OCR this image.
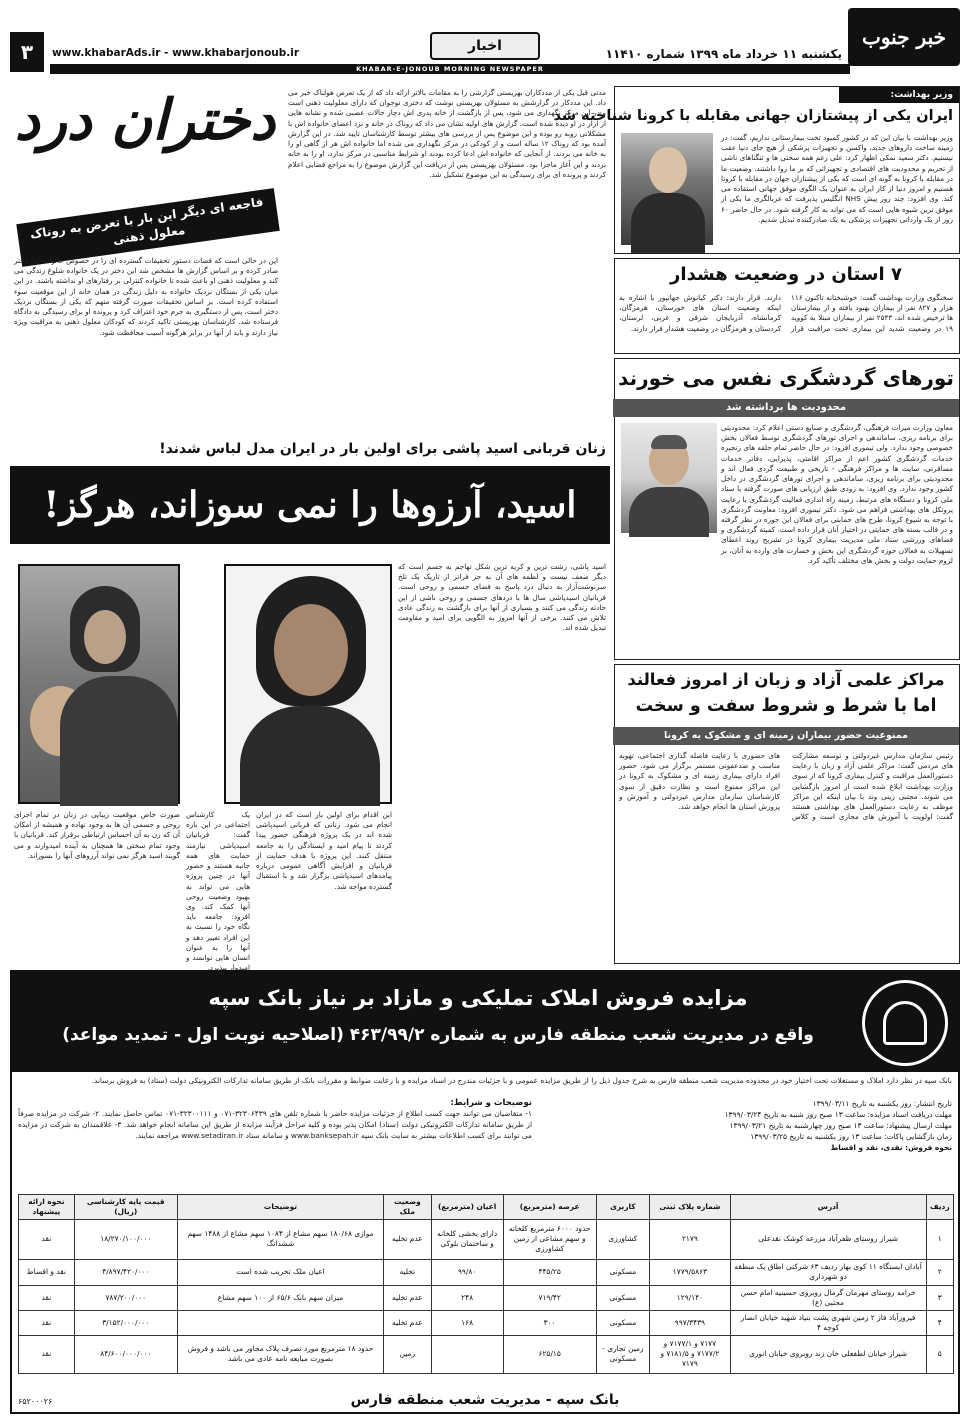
خبر جنوب
یکشنبه ۱۱ خرداد ماه ۱۳۹۹ شماره ۱۱۴۱۰
اخبار
www.khabarAds.ir - www.khabarjonoub.ir
۳
KHABAR-E-JONOUB MORNING NEWSPAPER
وزیر بهداشت:
ایران یکی از پیشتازان جهانی مقابله با کرونا شناخته شد
وزیر بهداشت با بیان این که در کشور کمبود تخت بیمارستانی نداریم، گفت: در زمینه ساخت داروهای جدید، واکسن و تجهیزات پزشکی از هیچ جای دنیا عقب نیستیم. دکتر سعید نمکی اظهار کرد: علی رغم همه سختی ها و تنگناهای ناشی از تحریم و محدودیت های اقتصادی و تجهیزاتی که بر ما روا داشتند، وضعیت ما در مقابله با کرونا به گونه ای است که یکی از پیشتازان جهان در مقابله با کرونا هستیم و امروز دنیا از کار ایران به عنوان یک الگوی موفق جهانی استفاده می کند. وی افزود: چند روز پیش NHS انگلیس پذیرفت که غربالگری ما یکی از موفق ترین شیوه هایی است که می تواند به کار گرفته شود. در حال حاضر ۶۰ روز از یک وارداتی تجهیزات پزشکی به یک صادرکننده تبدیل شدیم.
۷ استان در وضعیت هشدار
سخنگوی وزارت بهداشت گفت: خوشبختانه تاکنون ۱۱۶ هزار و ۸۲۷ نفر از بیماران بهبود یافته و از بیمارستان ها ترخیص شده اند، ۲۵۴۳ نفر از بیماران مبتلا به کووید ۱۹ در وضعیت شدید این بیماری تحت مراقبت قرار دارند. قرار دارند: دکتر کیانوش جهانپور با اشاره به اینکه وضعیت استان های خوزستان، هرمزگان، کرمانشاه، آذربایجان شرقی و غربی، لرستان، کردستان و هرمزگان در وضعیت هشدار قرار دارند.
تورهای گردشگری نفس می خورند
محدودیت ها برداشته شد
معاون وزارت میراث فرهنگی، گردشگری و صنایع دستی اعلام کرد: محدودیتی برای برنامه ریزی، ساماندهی و اجرای تورهای گردشگری توسط فعالان بخش خصوصی وجود ندارد. ولی تیموری افزود: در حال حاضر تمام حلقه های زنجیره خدمات گردشگری کشور اعم از مراکز اقامتی، پذیرایی، دفاتر خدمات مسافرتی، سایت ها و مراکز فرهنگی - تاریخی و طبیعت گردی فعال اند و محدودیتی برای برنامه ریزی، ساماندهی و اجرای تورهای گردشگری در داخل کشور وجود ندارد. وی افزود: به زودی طبق ارزیابی های صورت گرفته با ستاد ملی کرونا و دستگاه های مرتبط، زمینه راه اندازی فعالیت گردشگری با رعایت پروتکل های بهداشتی فراهم می شود. دکتر تیموری افزود: معاونت گردشگری با توجه به شیوع کرونا، طرح های حمایتی برای فعالان این حوزه در نظر گرفته و در قالب بسته های حمایتی در اختیار آنان قرار داده است. کمیته گردشگری و فضاهای ورزشی ستاد ملی مدیریت بیماری کرونا در تشریح روند اعطای تسهیلات به فعالان حوزه گردشگری این بخش و خسارت های وارده به آنان، بر لزوم حمایت دولت و بخش های مختلف تأکید کرد.
مراکز علمی آزاد و زبان از امروز فعالند
اما با شرط و شروط سفت و سخت
ممنوعیت حضور بیماران زمینه ای و مشکوک به کرونا
رئیس سازمان مدارس غیردولتی و توسعه مشارکت های مردمی گفت: مراکز علمی آزاد و زبان با رعایت دستورالعمل مراقبت و کنترل بیماری کرونا که از سوی وزارت بهداشت ابلاغ شده است از امروز بازگشایی می شوند. مجتبی زینی وند با بیان اینکه این مراکز موظف به رعایت دستورالعمل های بهداشتی هستند گفت: اولویت با آموزش های مجازی است و کلاس های حضوری با رعایت فاصله گذاری اجتماعی، تهویه مناسب و ضدعفونی مستمر برگزار می شود. حضور افراد دارای بیماری زمینه ای و مشکوک به کرونا در این مراکز ممنوع است و نظارت دقیق از سوی کارشناسان سازمان مدارس غیردولتی و آموزش و پرورش استان ها انجام خواهد شد.
دختران درد
فاجعه ای دیگر این بار با تعرض به روناک معلول ذهنی
این در حالی است که قضات دستور تحقیقات گسترده ای را در خصوص خانواده این دختر صادر کرده و بر اساس گزارش ها مشخص شد این دختر در یک خانواده شلوغ زندگی می کند و معلولیت ذهنی او باعث شده تا خانواده کنترلی بر رفتارهای او نداشته باشند. در این میان یکی از بستگان نزدیک خانواده به دلیل زندگی در همان خانه از این موقعیت سوء استفاده کرده است. بر اساس تحقیقات صورت گرفته متهم که یکی از بستگان نزدیک دختر است، پس از دستگیری به جرم خود اعتراف کرد و پرونده او برای رسیدگی به دادگاه فرستاده شد. کارشناسان بهزیستی تاکید کردند که کودکان معلول ذهنی به مراقبت ویژه نیاز دارند و باید از آنها در برابر هرگونه آسیب محافظت شود.
مدتی قبل یکی از مددکاران بهزیستی گزارشی را به مقامات بالاتر ارائه داد که از یک تعرض هولناک خبر می داد. این مددکار در گزارشش به مسئولان بهزیستی نوشت که دختری نوجوان که دارای معلولیت ذهنی است و در این مرکز نگهداری می شود، پس از بازگشت از خانه پدری اش دچار حالات عصبی شده و نشانه هایی از آزار در او دیده شده است. گزارش های اولیه نشان می داد که روناک در خانه و نزد اعضای خانواده اش با مشکلاتی روبه رو بوده و این موضوع پس از بررسی های بیشتر توسط کارشناسان تایید شد. در این گزارش آمده بود که روناک ۱۲ ساله است و از کودکی در مرکز نگهداری می شده اما خانواده اش هر از گاهی او را به خانه می بردند. از آنجایی که خانواده اش ادعا کرده بودند او شرایط مناسبی در مرکز ندارد، او را به خانه بردند و این آغاز ماجرا بود. مسئولان بهزیستی پس از دریافت این گزارش موضوع را به مراجع قضایی اعلام کردند و پرونده ای برای رسیدگی به این موضوع تشکیل شد.
زنان قربانی اسید پاشی برای اولین بار در ایران مدل لباس شدند!
اسید، آرزوها را نمی سوزاند، هرگز!
اسید پاشی، زشت ترین و کریه ترین شکل تهاجم به جسم است که دیگر ضعف نیست و لطمه های آن به جز فراتر از تاریک یک تلخ سرنوشت‌آزار به دنبال درد پاسخ به فضای جسمی و روحی است. قربانیان اسیدپاشی سال ها با دردهای جسمی و روحی ناشی از این حادثه زندگی می کنند و بسیاری از آنها برای بازگشت به زندگی عادی تلاش می کنند. برخی از آنها امروز به الگویی برای امید و مقاومت تبدیل شده اند.
این اقدام برای اولین بار است که در ایران انجام می شود. زنانی که قربانی اسیدپاشی شده اند در یک پروژه فرهنگی حضور پیدا کردند تا پیام امید و ایستادگی را به جامعه منتقل کنند. این پروژه با هدف حمایت از قربانیان و افزایش آگاهی عمومی درباره پیامدهای اسیدپاشی برگزار شد و با استقبال گسترده مواجه شد.
یک کارشناس اجتماعی در این باره گفت: قربانیان اسیدپاشی نیازمند حمایت های همه جانبه هستند و حضور آنها در چنین پروژه هایی می تواند به بهبود وضعیت روحی آنها کمک کند. وی افزود: جامعه باید نگاه خود را نسبت به این افراد تغییر دهد و آنها را به عنوان انسان هایی توانمند و امیدوار بپذیرد.
صورت خاص موقعیت زیبایی در زنان در تمام اجزای روحی و جسمی آن ها به وجود نهاده و همیشه از امکان آن که زن به آن احساس ارتباطی برقرار کند. قربانیان با وجود تمام سختی ها همچنان به آینده امیدوارند و می گویند اسید هرگز نمی تواند آرزوهای آنها را بسوزاند.
مزایده فروش املاک تملیکی و مازاد بر نیاز بانک سپه
واقع در مدیریت شعب منطقه فارس به شماره ۴۶۳/۹۹/۲ (اصلاحیه نوبت اول - تمدید مواعد)
بانک سپه در نظر دارد املاک و مستغلات تحت اختیار خود در محدوده مدیریت شعب منطقه فارس به شرح جدول ذیل را از طریق مزایده عمومی و با جزئیات مندرج در اسناد مزایده و با رعایت ضوابط و مقررات بانک از طریق سامانه تدارکات الکترونیکی دولت (ستاد) به فروش برساند.
تاریخ انتشار: روز یکشنبه به تاریخ ۱۳۹۹/۰۳/۱۱
مهلت دریافت اسناد مزایده: ساعت ۱۳ صبح روز شنبه به تاریخ ۱۳۹۹/۰۳/۲۴
مهلت ارسال پیشنهاد: ساعت ۱۳ صبح روز چهارشنبه به تاریخ ۱۳۹۹/۰۳/۲۱
زمان بازگشایی پاکات: ساعت ۱۳ روز یکشنبه به تاریخ ۱۳۹۹/۰۳/۲۵
نحوه فروش: نقدی، نقد و اقساط
توضیحات و شرایط:
۱- متقاضیان می توانند جهت کسب اطلاع از جزئیات مزایده حاضر با شماره تلفن های ۳۲۳۰۶۴۳۹-۰۷۱ و ۳۲۳۰۰۱۱۱-۰۷۱ تماس حاصل نمایند. ۲- شرکت در مزایده صرفاً از طریق سامانه تدارکات الکترونیکی دولت (ستاد) امکان پذیر بوده و کلیه مراحل فرآیند مزایده از طریق این سامانه انجام خواهد شد. ۳- علاقمندان به شرکت در مزایده می توانند برای کسب اطلاعات بیشتر به سایت بانک سپه www.banksepah.ir و سامانه ستاد www.setadiran.ir مراجعه نمایند.
ردیف	آدرس	شماره پلاک ثبتی	کاربری	عرصه (مترمربع)	اعیان (مترمربع)	وضعیت ملک	توضیحات	قیمت پایه کارشناسی (ریال)	نحوه ارائه پیشنهاد
۱	شیراز روستای ظفرآباد مزرعه کوشک نقدعلی	۲۱۷۹	کشاورزی	حدود ۶۰۰۰ مترمربع کلخانه و سهم مشاعی از زمین کشاورزی	دارای بخشی کلخانه و ساختمان بلوکی	عدم تخلیه	موازی ۱۸۰/۶۸ سهم مشاع از ۱۰۸۴ سهم مشاع از ۱۴۸۸ سهم ششدانگ	۱۸/۲۷۰/۱۰۰/۰۰۰	نقد
۲	آبادان ایستگاه ۱۱ کوی بهار ردیف ۶۳ شرکتی اطاق یک منطقه دو شهرداری	۱۷۷۹/۵۸۶۳	مسکونی	۴۴۵/۲۵	۹۹/۸۰	تخلیه	اعیان ملک تخریب شده است	۴/۸۹۷/۴۲۰/۰۰۰	نقد و اقساط
۳	خرامه روستای مهرمان گرمال روبروی حسینیه امام حسن مجتبی (ع)	۱۲۹/۱۴۰	مسکونی	۷۱۹/۴۲	۲۴۸	عدم تخلیه	میزان سهم بانک ۶۵/۶ از ۱۰۰ سهم مشاع	۷۸۷/۲۰۰/۰۰۰	نقد
۴	فیروزآباد فاز ۲ زمین شهری پشت بنیاد شهید خیابان انصار کوچه ۴	۹۹۷/۳۴۳۹	مسکونی	۳۰۰	۱۶۸	عدم تخلیه		۳/۱۵۲/۰۰۰/۰۰۰	نقد
۵	شیراز خیابان لطفعلی خان زند روبروی خیابان انوری	۷۱۷۷ و ۷۱۷۷/۱ و ۷۱۷۷/۲ و ۷۱۸۱/۵ و ۷۱۷۹	زمین تجاری - مسکونی	۶۲۵/۱۵		زمین	حدود ۱۸ مترمربع مورد تصرف پلاک مجاور می باشد و فروش بصورت مبایعه نامه عادی می باشد	۸۴/۶۰۰/۰۰۰/۰۰۰	نقد
بانک سپه - مدیریت شعب منطقه فارس
۶۵۲۰۰۰۲۶
